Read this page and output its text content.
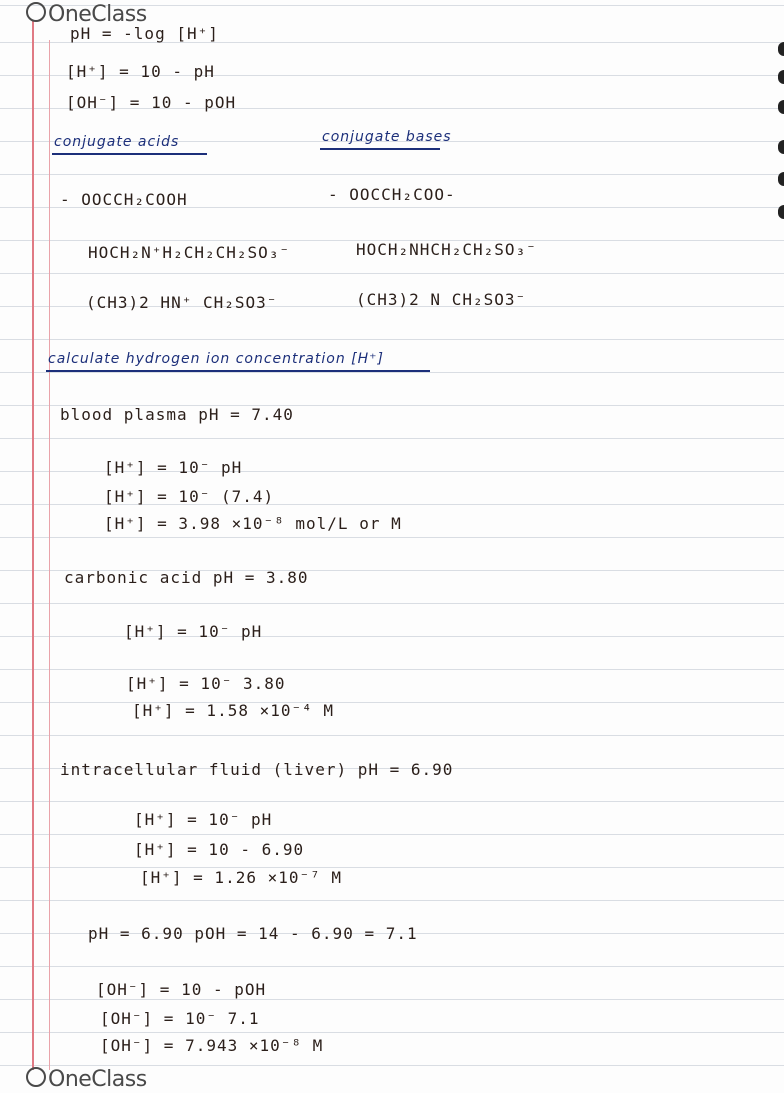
OneClass

pH = -log [H⁺]

[H⁺] = 10 - pH

[OH⁻] = 10 - pOH

conjugate acids	conjugate bases

- OOCCH₂COOH	- OOCCH₂COO-

HOCH₂N⁺H₂CH₂CH₂SO₃⁻	HOCH₂NHCH₂CH₂SO₃⁻

(CH3)2 HN⁺ CH₂SO3⁻	(CH3)2 N CH₂SO3⁻

calculate hydrogen ion concentration [H⁺]

blood plasma pH = 7.40

[H⁺] = 10⁻ pH

[H⁺] = 10⁻ (7.4)

[H⁺] = 3.98 ×10⁻⁸ mol/L or M

carbonic acid pH = 3.80

[H⁺] = 10⁻ pH

[H⁺] = 10⁻ 3.80

[H⁺] = 1.58 ×10⁻⁴ M

intracellular fluid (liver) pH = 6.90

[H⁺] = 10⁻ pH

[H⁺] = 10 - 6.90

[H⁺] = 1.26 ×10⁻⁷ M

pH = 6.90 pOH = 14 - 6.90 = 7.1

[OH⁻] = 10 - pOH

[OH⁻] = 10⁻ 7.1

[OH⁻] = 7.943 ×10⁻⁸ M

OneClass
